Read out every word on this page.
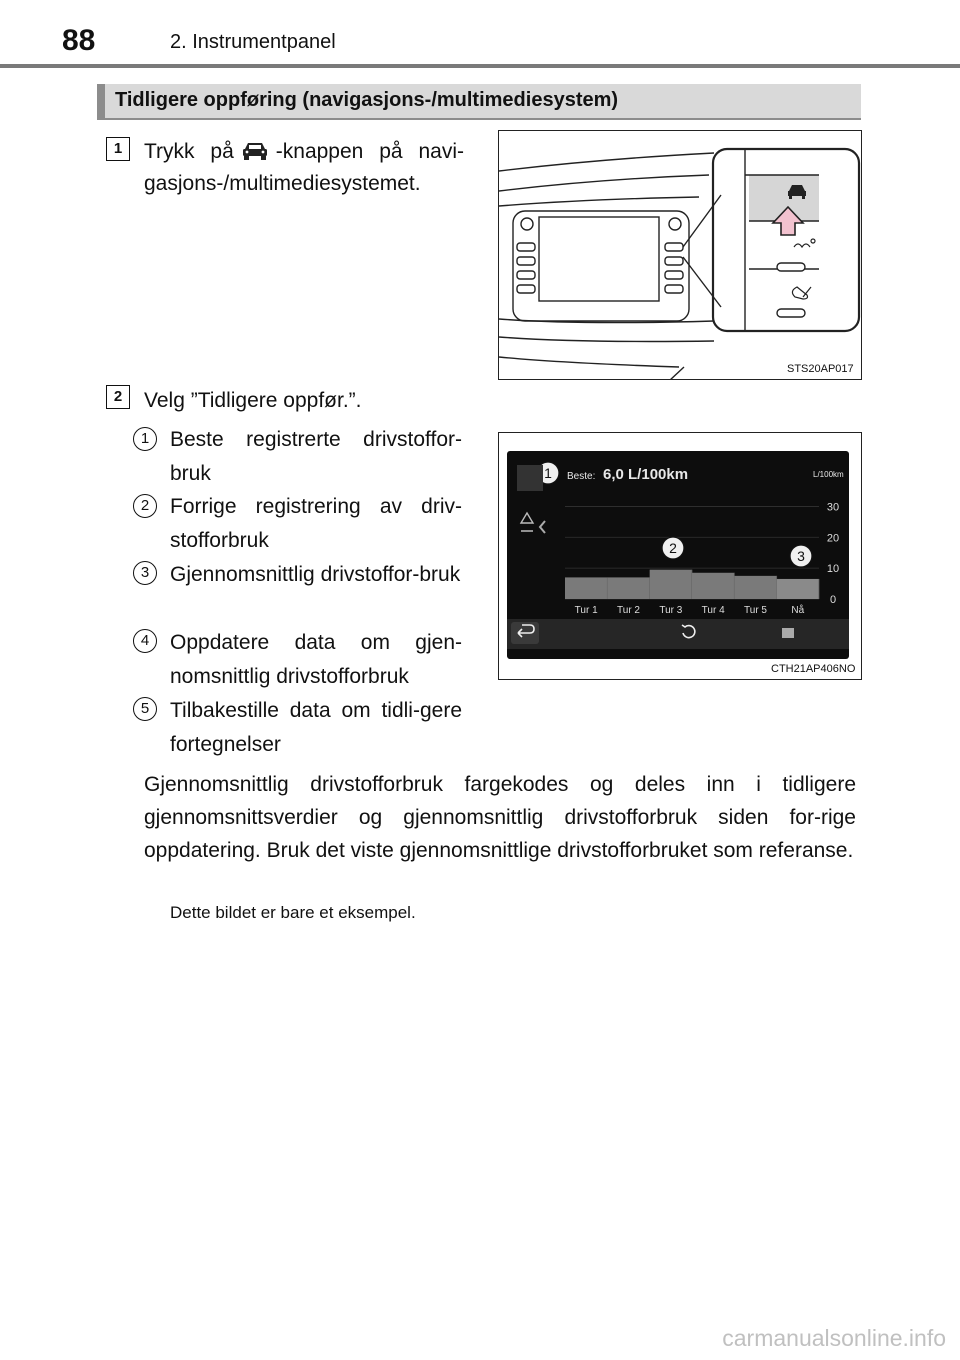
88	2. Instrumentpanel
Tidligere oppføring (navigasjons-/multimediesystem)
1	Trykk på -knappen på navi-gasjons-/multimediesystemet.
STS20AP017
2	Velg ”Tidligere oppfør.”.
1 Beste registrerte drivstoffor-bruk
2 Forrige registrering av driv-stofforbruk
3 Gjennomsnittlig drivstoffor-bruk
4 Oppdatere data om gjen-nomsnittlig drivstofforbruk
5 Tilbakestille data om tidli-gere fortegnelser
30
20
10
0
Tur 1 Tur 2 Tur 3 Tur 4 Tur 5 Nå
1
2	3
Beste: 6,0 L/100km	L/100km
CTH21AP406NO
Gjennomsnittlig drivstofforbruk fargekodes og deles inn i tidligere gjennomsnittsverdier og gjennomsnittlig drivstofforbruk siden for-rige oppdatering. Bruk det viste gjennomsnittlige drivstofforbruket som referanse.
Dette bildet er bare et eksempel.
carmanualsonline.info
